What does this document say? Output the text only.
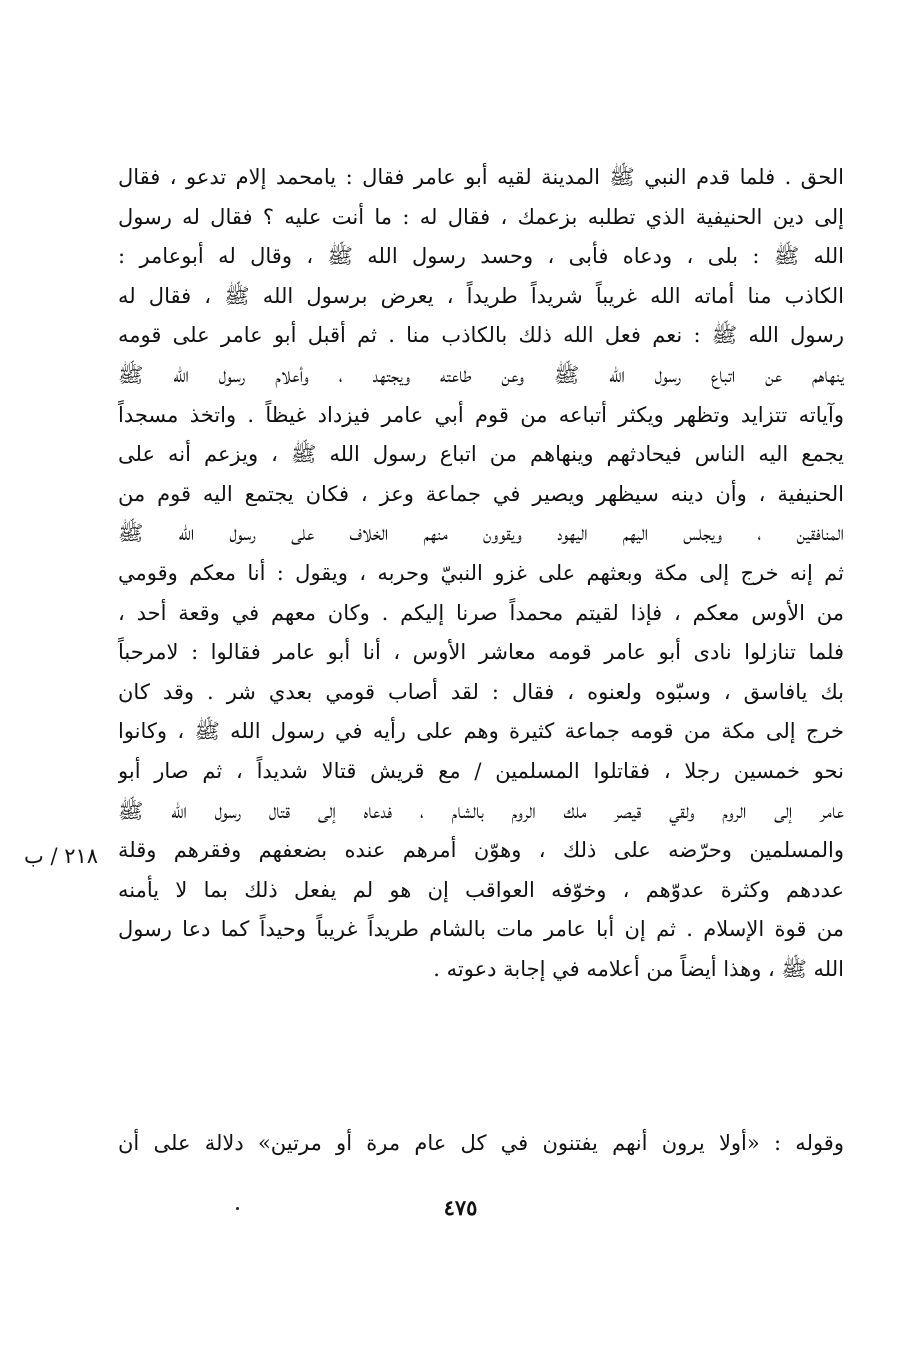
الحق . فلما قدم النبي ﷺ المدينة لقيه أبو عامر فقال : يامحمد إلام تدعو ، فقال
إلى دين الحنيفية الذي تطلبه بزعمك ، فقال له : ما أنت عليه ؟ فقال له رسول
الله ﷺ : بلى ، ودعاه فأبى ، وحسد رسول الله ﷺ ، وقال له أبوعامر :
الكاذب منا أماته الله غريباً شريداً طريداً ، يعرض برسول الله ﷺ ، فقال له
رسول الله ﷺ : نعم فعل الله ذلك بالكاذب منا . ثم أقبل أبو عامر على قومه
ينهاهم عن اتباع رسول الله ﷺ وعن طاعته ويجتهد ، وأعلام رسول الله ﷺ
وآياته تتزايد وتظهر ويكثر أتباعه من قوم أبي عامر فيزداد غيظاً . واتخذ مسجداً
يجمع اليه الناس فيحادثهم وينهاهم من اتباع رسول الله ﷺ ، ويزعم أنه على
الحنيفية ، وأن دينه سيظهر ويصير في جماعة وعز ، فكان يجتمع اليه قوم من
المنافقين ، ويجلس اليهم اليهود ويقوون منهم الخلاف على رسول الله ﷺ
ثم إنه خرج إلى مكة وبعثهم على غزو النبيّ وحربه ، ويقول : أنا معكم وقومي
من الأوس معكم ، فإذا لقيتم محمداً صرنا إليكم . وكان معهم في وقعة أحد ،
فلما تنازلوا نادى أبو عامر قومه معاشر الأوس ، أنا أبو عامر فقالوا : لامرحباً
بك يافاسق ، وسبّوه ولعنوه ، فقال : لقد أصاب قومي بعدي شر . وقد كان
خرج إلى مكة من قومه جماعة كثيرة وهم على رأيه في رسول الله ﷺ ، وكانوا
نحو خمسين رجلا ، فقاتلوا المسلمين / مع قريش قتالا شديداً ، ثم صار أبو
عامر إلى الروم ولقي قيصر ملك الروم بالشام ، فدعاه إلى قتال رسول الله ﷺ
والمسلمين وحرّضه على ذلك ، وهوّن أمرهم عنده بضعفهم وفقرهم وقلة
عددهم وكثرة عدوّهم ، وخوّفه العواقب إن هو لم يفعل ذلك بما لا يأمنه
من قوة الإسلام . ثم إن أبا عامر مات بالشام طريداً غريباً وحيداً كما دعا رسول
الله ﷺ ، وهذا أيضاً من أعلامه في إجابة دعوته .
وقوله : «أولا يرون أنهم يفتنون في كل عام مرة أو مرتين» دلالة على أن
٢١٨ / ب
٤٧٥
